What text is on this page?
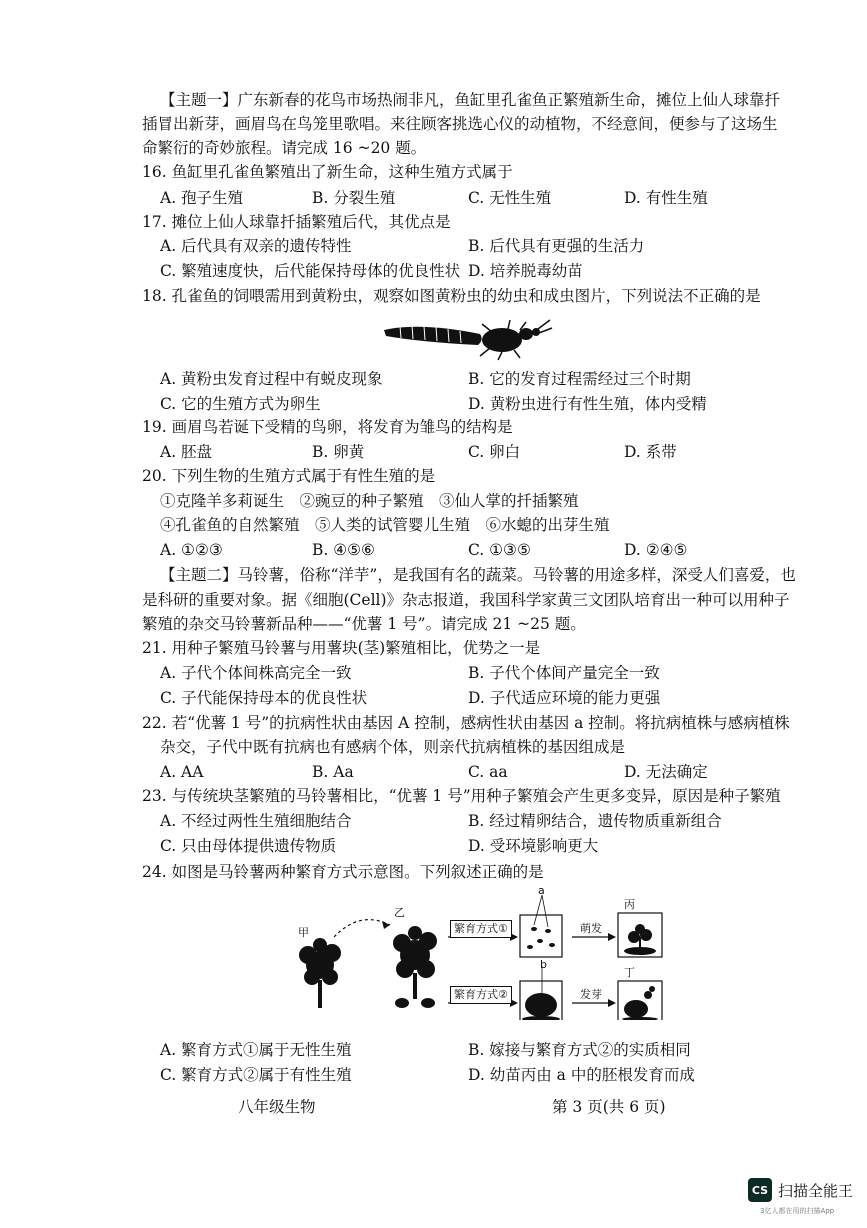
【主题一】广东新春的花鸟市场热闹非凡，鱼缸里孔雀鱼正繁殖新生命，摊位上仙人球靠扦
插冒出新芽，画眉鸟在鸟笼里歌唱。来往顾客挑选心仪的动植物，不经意间，便参与了这场生
命繁衍的奇妙旅程。请完成 16 ~20 题。
16. 鱼缸里孔雀鱼繁殖出了新生命，这种生殖方式属于
A. 孢子生殖	B. 分裂生殖	C. 无性生殖	D. 有性生殖
17. 摊位上仙人球靠扦插繁殖后代，其优点是
A. 后代具有双亲的遗传特性	B. 后代具有更强的生活力
C. 繁殖速度快，后代能保持母体的优良性状 D. 培养脱毒幼苗
18. 孔雀鱼的饲喂需用到黄粉虫，观察如图黄粉虫的幼虫和成虫图片，下列说法不正确的是
A. 黄粉虫发育过程中有蜕皮现象	B. 它的发育过程需经过三个时期
C. 它的生殖方式为卵生	D. 黄粉虫进行有性生殖，体内受精
19. 画眉鸟若诞下受精的鸟卵，将发育为雏鸟的结构是
A. 胚盘	B. 卵黄	C. 卵白	D. 系带
20. 下列生物的生殖方式属于有性生殖的是
①克隆羊多莉诞生　②豌豆的种子繁殖　③仙人掌的扦插繁殖
④孔雀鱼的自然繁殖　⑤人类的试管婴儿生殖　⑥水螅的出芽生殖
A. ①②③	B. ④⑤⑥	C. ①③⑤	D. ②④⑤
【主题二】马铃薯，俗称“洋芋”，是我国有名的蔬菜。马铃薯的用途多样，深受人们喜爱，也
是科研的重要对象。据《细胞(Cell)》杂志报道，我国科学家黄三文团队培育出一种可以用种子
繁殖的杂交马铃薯新品种——“优薯 1 号”。请完成 21 ~25 题。
21. 用种子繁殖马铃薯与用薯块(茎)繁殖相比，优势之一是
A. 子代个体间株高完全一致	B. 子代个体间产量完全一致
C. 子代能保持母本的优良性状	D. 子代适应环境的能力更强
22. 若“优薯 1 号”的抗病性状由基因 A 控制，感病性状由基因 a 控制。将抗病植株与感病植株
杂交，子代中既有抗病也有感病个体，则亲代抗病植株的基因组成是
A. AA	B. Aa	C. aa	D. 无法确定
23. 与传统块茎繁殖的马铃薯相比，“优薯 1 号”用种子繁殖会产生更多变异，原因是种子繁殖
A. 不经过两性生殖细胞结合	B. 经过精卵结合，遗传物质重新组合
C. 只由母体提供遗传物质	D. 受环境影响更大
24. 如图是马铃薯两种繁育方式示意图。下列叙述正确的是
甲
乙
a
丙
b
丁
繁育方式①
繁育方式②
萌发
发芽
A. 繁育方式①属于无性生殖	B. 嫁接与繁育方式②的实质相同
C. 繁育方式②属于有性生殖	D. 幼苗丙由 a 中的胚根发育而成
八年级生物	第 3 页(共 6 页)
CS 扫描全能王
3亿人都在用的扫描App
